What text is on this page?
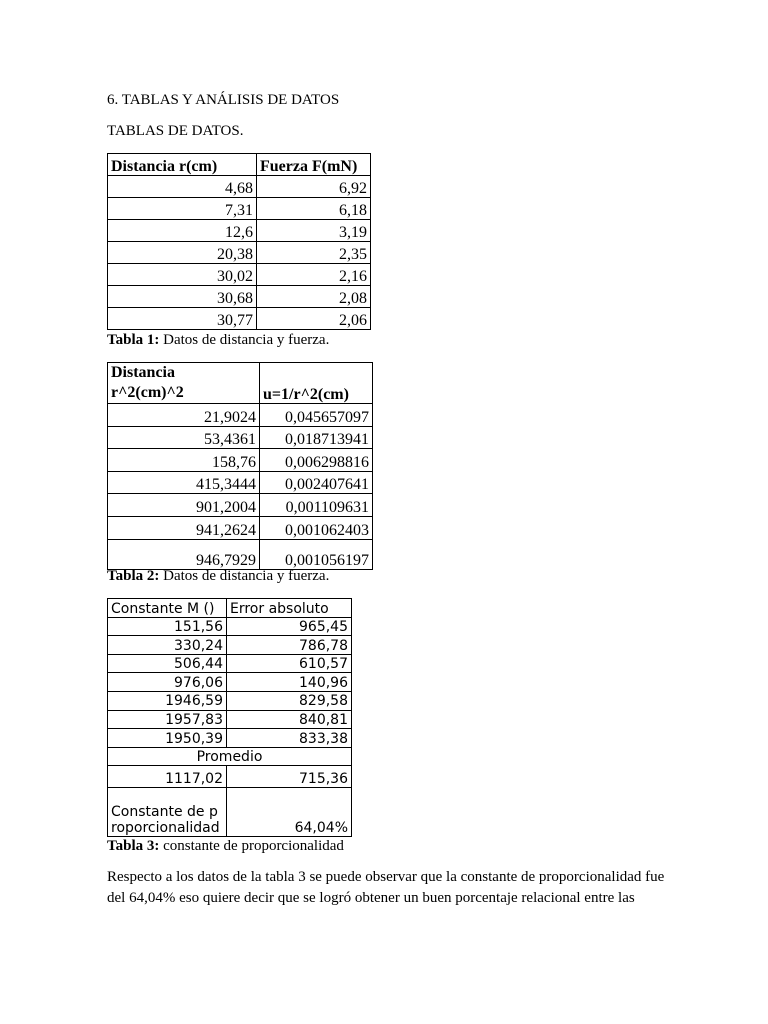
6. TABLAS Y ANÁLISIS DE DATOS

TABLAS DE DATOS.

Distancia r(cm)	Fuerza F(mN)
4,68	6,92
7,31	6,18
12,6	3,19
20,38	2,35
30,02	2,16
30,68	2,08
30,77	2,06

Tabla 1: Datos de distancia y fuerza.

Distancia
r^2(cm)^2	u=1/r^2(cm)
21,9024	0,045657097
53,4361	0,018713941
158,76	0,006298816
415,3444	0,002407641
901,2004	0,001109631
941,2624	0,001062403
946,7929	0,001056197

Tabla 2: Datos de distancia y fuerza.

Constante M ()	Error absoluto
151,56	965,45
330,24	786,78
506,44	610,57
976,06	140,96
1946,59	829,58
1957,83	840,81
1950,39	833,38
Promedio	
1117,02	715,36
Constante de proporcionalidad	64,04%

Tabla 3: constante de proporcionalidad

Respecto a los datos de la tabla 3 se puede observar que la constante de proporcionalidad fue del 64,04% eso quiere decir que se logró obtener un buen porcentaje relacional entre las
